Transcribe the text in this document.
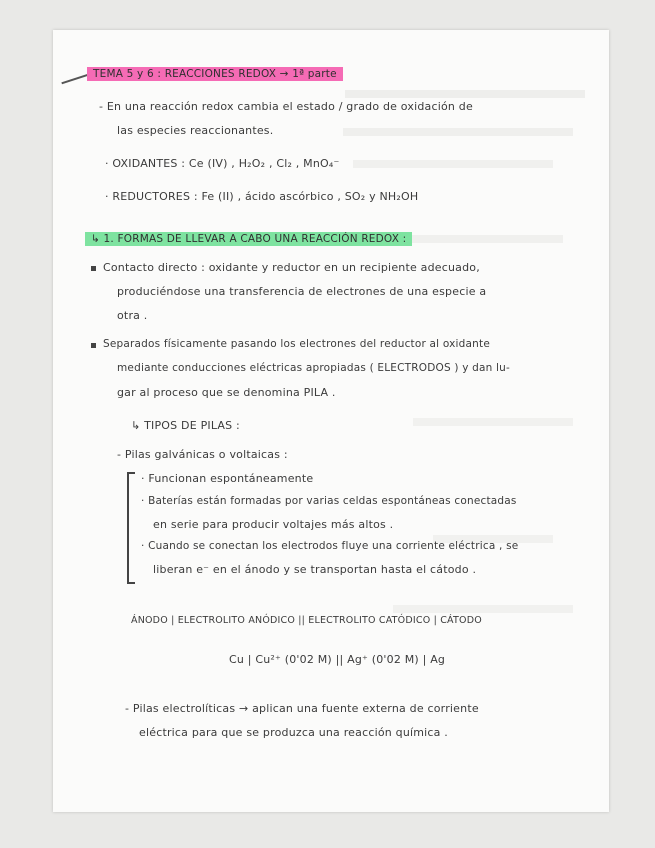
TEMA 5 y 6 : REACCIONES REDOX → 1ª parte
- En una reacción redox cambia el estado / grado de oxidación de
las especies reaccionantes.
· OXIDANTES : Ce (IV) , H₂O₂ , Cl₂ , MnO₄⁻
· REDUCTORES : Fe (II) , ácido ascórbico , SO₂ y NH₂OH
↳ 1. FORMAS DE LLEVAR A CABO UNA REACCIÓN REDOX :
Contacto directo : oxidante y reductor en un recipiente adecuado,
produciéndose una transferencia de electrones de una especie a
otra .
Separados físicamente pasando los electrones del reductor al oxidante
mediante conducciones eléctricas apropiadas ( ELECTRODOS ) y dan lu-
gar al proceso que se denomina PILA .
↳ TIPOS DE PILAS :
- Pilas galvánicas o voltaicas :
· Funcionan espontáneamente
· Baterías están formadas por varias celdas espontáneas conectadas
en serie para producir voltajes más altos .
· Cuando se conectan los electrodos fluye una corriente eléctrica , se
liberan e⁻ en el ánodo y se transportan hasta el cátodo .
ÁNODO | ELECTROLITO ANÓDICO || ELECTROLITO CATÓDICO | CÁTODO
Cu | Cu²⁺ (0'02 M) || Ag⁺ (0'02 M) | Ag
- Pilas electrolíticas → aplican una fuente externa de corriente
eléctrica para que se produzca una reacción química .
